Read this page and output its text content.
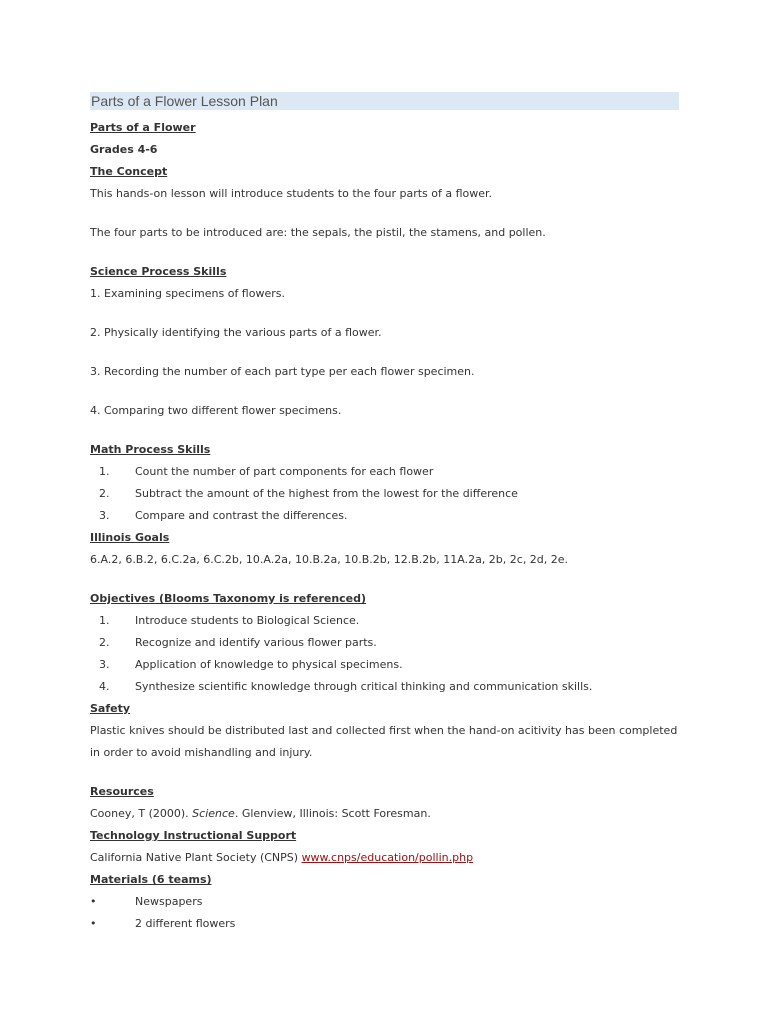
Parts of a Flower Lesson Plan
Parts of a Flower
Grades 4-6
The Concept
This hands-on lesson will introduce students to the four parts of a flower.
The four parts to be introduced are: the sepals, the pistil, the stamens, and pollen.
Science Process Skills
1. Examining specimens of flowers.
2. Physically identifying the various parts of a flower.
3. Recording the number of each part type per each flower specimen.
4. Comparing two different flower specimens.
Math Process Skills
1.	Count the number of part components for each flower
2.	Subtract the amount of the highest from the lowest for the difference
3.	Compare and contrast the differences.
Illinois Goals
6.A.2, 6.B.2, 6.C.2a, 6.C.2b, 10.A.2a, 10.B.2a, 10.B.2b, 12.B.2b, 11A.2a, 2b, 2c, 2d, 2e.
Objectives (Blooms Taxonomy is referenced)
1.	Introduce students to Biological Science.
2.	Recognize and identify various flower parts.
3.	Application of knowledge to physical specimens.
4.	Synthesize scientific knowledge through critical thinking and communication skills.
Safety
Plastic knives should be distributed last and collected first when the hand-on acitivity has been completed in order to avoid mishandling and injury.
Resources
Cooney, T (2000). Science. Glenview, Illinois: Scott Foresman.
Technology Instructional Support
California Native Plant Society (CNPS) www.cnps/education/pollin.php
Materials (6 teams)
•	Newspapers
•	2 different flowers
